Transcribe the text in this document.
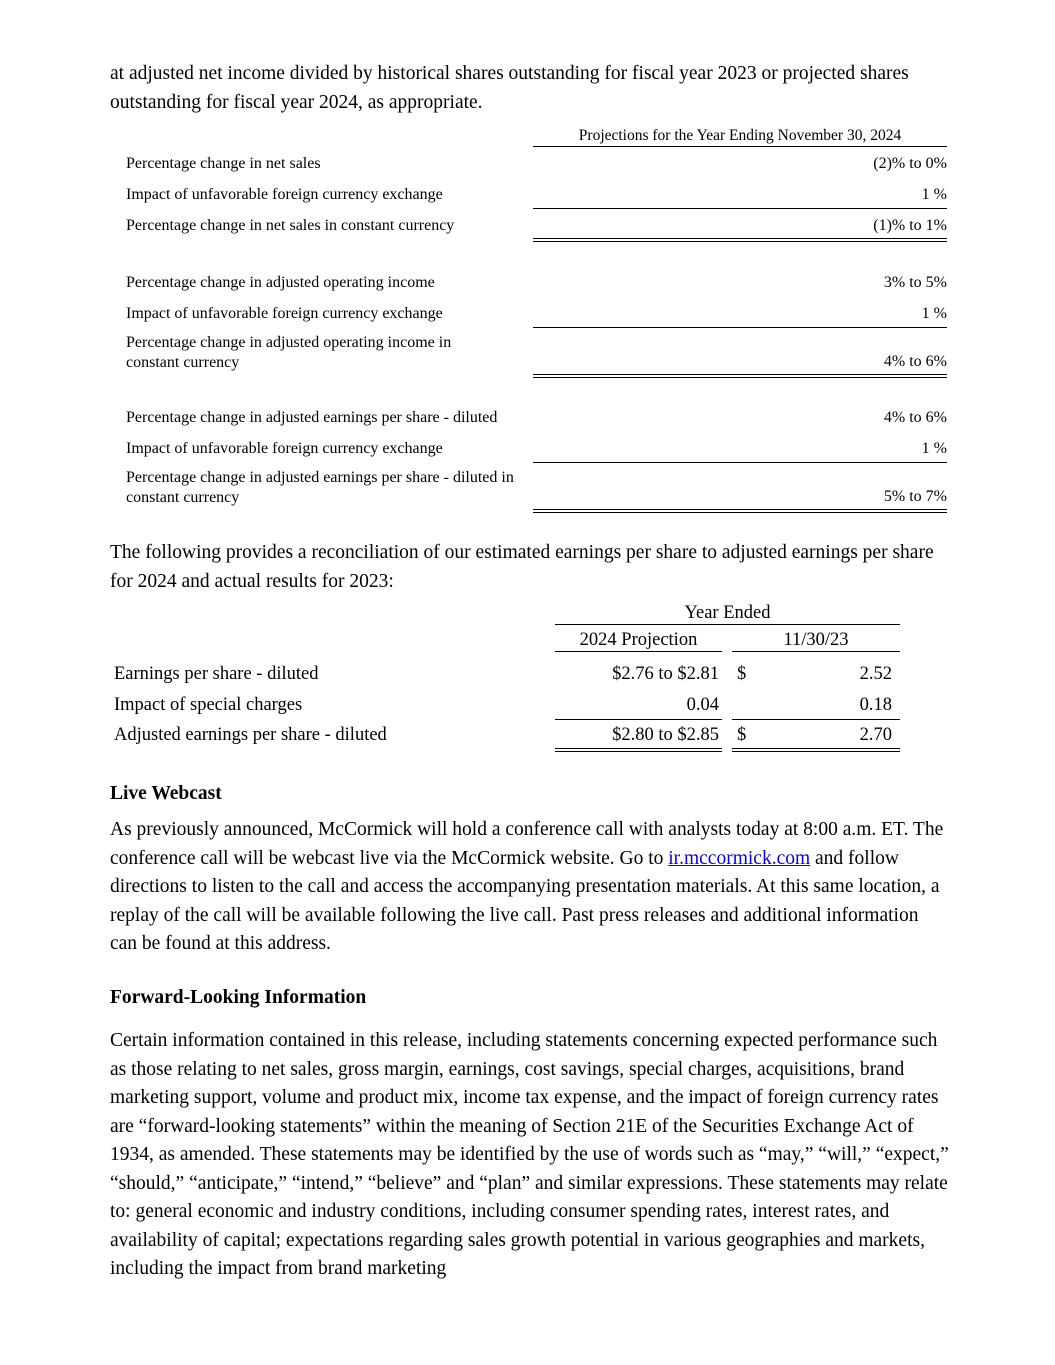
at adjusted net income divided by historical shares outstanding for fiscal year 2023 or projected shares outstanding for fiscal year 2024, as appropriate.

Projections for the Year Ending November 30, 2024
Percentage change in net sales	(2)% to 0%
Impact of unfavorable foreign currency exchange	1 %
Percentage change in net sales in constant currency	(1)% to 1%
Percentage change in adjusted operating income	3% to 5%
Impact of unfavorable foreign currency exchange	1 %
Percentage change in adjusted operating income in constant currency	4% to 6%
Percentage change in adjusted earnings per share - diluted	4% to 6%
Impact of unfavorable foreign currency exchange	1 %
Percentage change in adjusted earnings per share - diluted in constant currency	5% to 7%

The following provides a reconciliation of our estimated earnings per share to adjusted earnings per share for 2024 and actual results for 2023:

Year Ended
2024 Projection	11/30/23
Earnings per share - diluted	$2.76 to $2.81 $	2.52
Impact of special charges	0.04	0.18
Adjusted earnings per share - diluted	$2.80 to $2.85 $	2.70
Live Webcast

As previously announced, McCormick will hold a conference call with analysts today at 8:00 a.m. ET. The conference call will be webcast live via the McCormick website. Go to ir.mccormick.com and follow directions to listen to the call and access the accompanying presentation materials. At this same location, a replay of the call will be available following the live call. Past press releases and additional information can be found at this address.

Forward-Looking Information

Certain information contained in this release, including statements concerning expected performance such as those relating to net sales, gross margin, earnings, cost savings, special charges, acquisitions, brand marketing support, volume and product mix, income tax expense, and the impact of foreign currency rates are “forward-looking statements” within the meaning of Section 21E of the Securities Exchange Act of 1934, as amended. These statements may be identified by the use of words such as “may,” “will,” “expect,” “should,” “anticipate,” “intend,” “believe” and “plan” and similar expressions. These statements may relate to: general economic and industry conditions, including consumer spending rates, interest rates, and availability of capital; expectations regarding sales growth potential in various geographies and markets, including the impact from brand marketing
